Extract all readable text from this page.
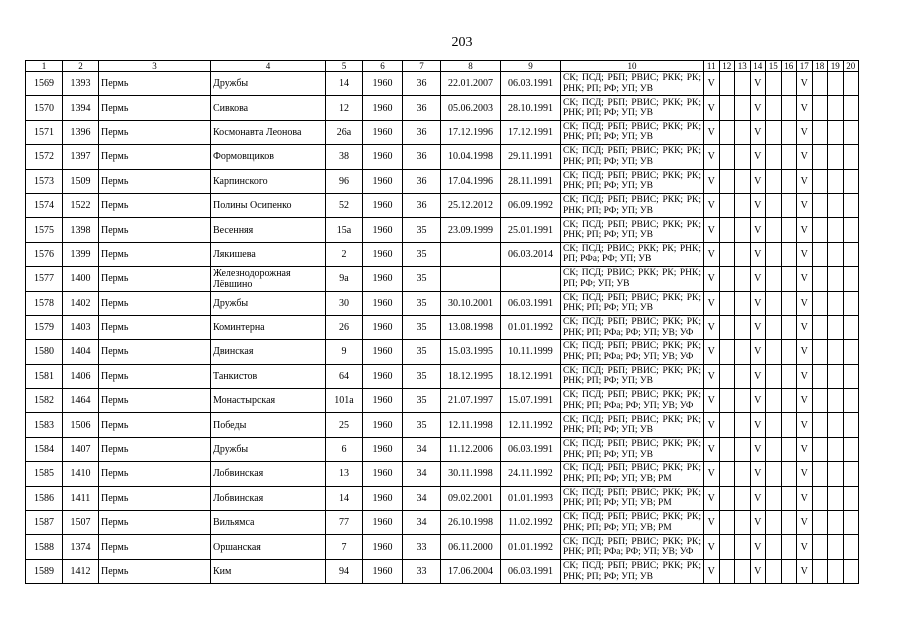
203
1	2	3	4	5	6	7	8	9	10	11	12	13	14	15	16	17	18	19	20
1569	1393	Пермь	Дружбы	14	1960	36	22.01.2007	06.03.1991	СК; ПСД; РБП; РВИС; РКК; РК; РНК; РП; РФ; УП; УВ	V			V			V			
1570	1394	Пермь	Сивкова	12	1960	36	05.06.2003	28.10.1991	СК; ПСД; РБП; РВИС; РКК; РК; РНК; РП; РФ; УП; УВ	V			V			V			
1571	1396	Пермь	Космонавта Леонова	26а	1960	36	17.12.1996	17.12.1991	СК; ПСД; РБП; РВИС; РКК; РК; РНК; РП; РФ; УП; УВ	V			V			V			
1572	1397	Пермь	Формовщиков	38	1960	36	10.04.1998	29.11.1991	СК; ПСД; РБП; РВИС; РКК; РК; РНК; РП; РФ; УП; УВ	V			V			V			
1573	1509	Пермь	Карпинского	96	1960	36	17.04.1996	28.11.1991	СК; ПСД; РБП; РВИС; РКК; РК; РНК; РП; РФ; УП; УВ	V			V			V			
1574	1522	Пермь	Полины Осипенко	52	1960	36	25.12.2012	06.09.1992	СК; ПСД; РБП; РВИС; РКК; РК; РНК; РП; РФ; УП; УВ	V			V			V			
1575	1398	Пермь	Весенняя	15а	1960	35	23.09.1999	25.01.1991	СК; ПСД; РБП; РВИС; РКК; РК; РНК; РП; РФ; УП; УВ	V			V			V			
1576	1399	Пермь	Лякишева	2	1960	35		06.03.2014	СК; ПСД; РВИС; РКК; РК; РНК; РП; РФа; РФ; УП; УВ	V			V			V			
1577	1400	Пермь	Железнодорожная Лёвшино	9а	1960	35			СК; ПСД; РВИС; РКК; РК; РНК; РП; РФ; УП; УВ	V			V			V			
1578	1402	Пермь	Дружбы	30	1960	35	30.10.2001	06.03.1991	СК; ПСД; РБП; РВИС; РКК; РК; РНК; РП; РФ; УП; УВ	V			V			V			
1579	1403	Пермь	Коминтерна	26	1960	35	13.08.1998	01.01.1992	СК; ПСД; РБП; РВИС; РКК; РК; РНК; РП; РФа; РФ; УП; УВ; УФ	V			V			V			
1580	1404	Пермь	Двинская	9	1960	35	15.03.1995	10.11.1999	СК; ПСД; РБП; РВИС; РКК; РК; РНК; РП; РФа; РФ; УП; УВ; УФ	V			V			V			
1581	1406	Пермь	Танкистов	64	1960	35	18.12.1995	18.12.1991	СК; ПСД; РБП; РВИС; РКК; РК; РНК; РП; РФ; УП; УВ	V			V			V			
1582	1464	Пермь	Монастырская	101а	1960	35	21.07.1997	15.07.1991	СК; ПСД; РБП; РВИС; РКК; РК; РНК; РП; РФа; РФ; УП; УВ; УФ	V			V			V			
1583	1506	Пермь	Победы	25	1960	35	12.11.1998	12.11.1992	СК; ПСД; РБП; РВИС; РКК; РК; РНК; РП; РФ; УП; УВ	V			V			V			
1584	1407	Пермь	Дружбы	6	1960	34	11.12.2006	06.03.1991	СК; ПСД; РБП; РВИС; РКК; РК; РНК; РП; РФ; УП; УВ	V			V			V			
1585	1410	Пермь	Лобвинская	13	1960	34	30.11.1998	24.11.1992	СК; ПСД; РБП; РВИС; РКК; РК; РНК; РП; РФ; УП; УВ; РМ	V			V			V			
1586	1411	Пермь	Лобвинская	14	1960	34	09.02.2001	01.01.1993	СК; ПСД; РБП; РВИС; РКК; РК; РНК; РП; РФ; УП; УВ; РМ	V			V			V			
1587	1507	Пермь	Вильямса	77	1960	34	26.10.1998	11.02.1992	СК; ПСД; РБП; РВИС; РКК; РК; РНК; РП; РФ; УП; УВ; РМ	V			V			V			
1588	1374	Пермь	Оршанская	7	1960	33	06.11.2000	01.01.1992	СК; ПСД; РБП; РВИС; РКК; РК; РНК; РП; РФа; РФ; УП; УВ; УФ	V			V			V			
1589	1412	Пермь	Ким	94	1960	33	17.06.2004	06.03.1991	СК; ПСД; РБП; РВИС; РКК; РК; РНК; РП; РФ; УП; УВ	V			V			V			
